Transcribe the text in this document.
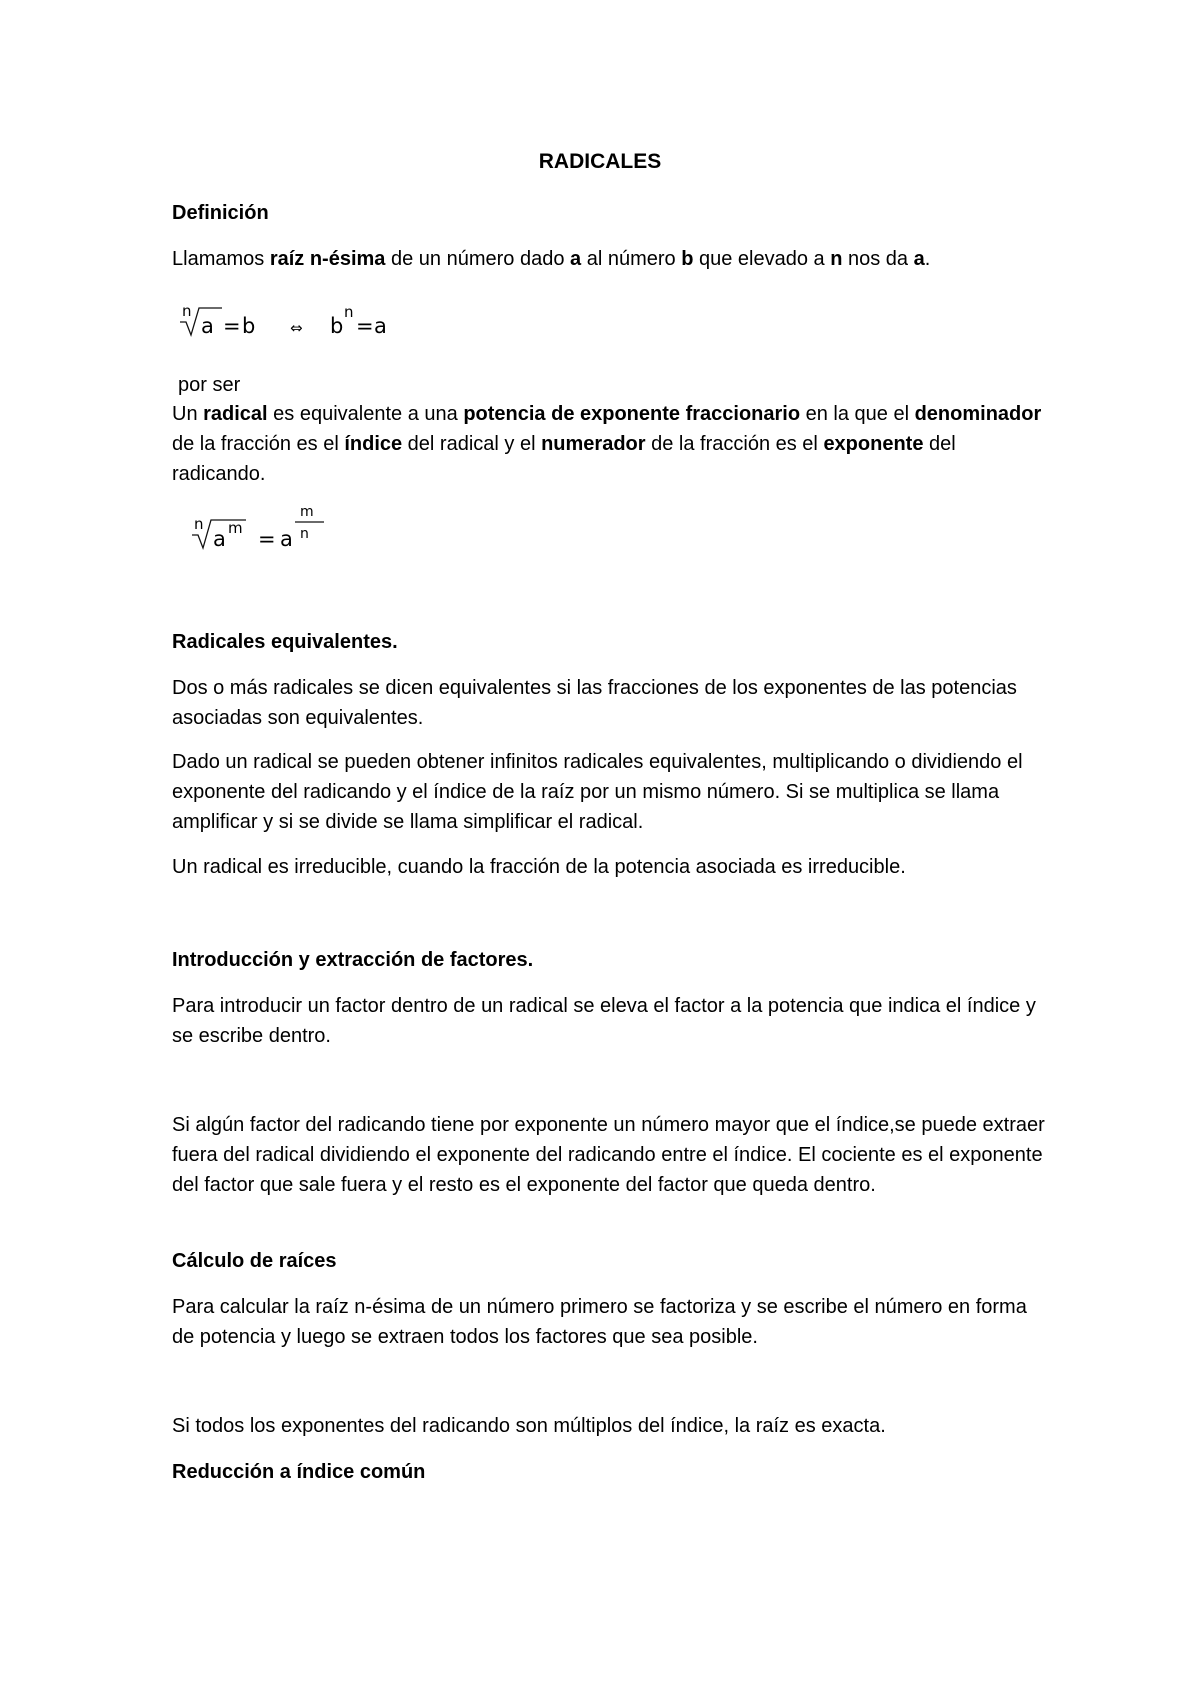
RADICALES
Definición

Llamamos raíz n-ésima de un número dado a al número b que elevado a n nos da a.

n
a = b ⇔ b
n
= a

por ser

Un radical es equivalente a una potencia de exponente fraccionario en la que el denominador de la fracción es el índice del radical y el numerador de la fracción es el exponente del radicando.

n
a m = a
m
n
Radicales equivalentes.

Dos o más radicales se dicen equivalentes si las fracciones de los exponentes de las potencias asociadas son equivalentes.

Dado un radical se pueden obtener infinitos radicales equivalentes, multiplicando o dividiendo el exponente del radicando y el índice de la raíz por un mismo número. Si se multiplica se llama amplificar y si se divide se llama simplificar el radical.

Un radical es irreducible, cuando la fracción de la potencia asociada es irreducible.

Introducción y extracción de factores.

Para introducir un factor dentro de un radical se eleva el factor a la potencia que indica el índice y se escribe dentro.

Si algún factor del radicando tiene por exponente un número mayor que el índice,se puede extraer fuera del radical dividiendo el exponente del radicando entre el índice. El cociente es el exponente del factor que sale fuera y el resto es el exponente del factor que queda dentro.

Cálculo de raíces

Para calcular la raíz n-ésima de un número primero se factoriza y se escribe el número en forma de potencia y luego se extraen todos los factores que sea posible.

Si todos los exponentes del radicando son múltiplos del índice, la raíz es exacta.

Reducción a índice común
